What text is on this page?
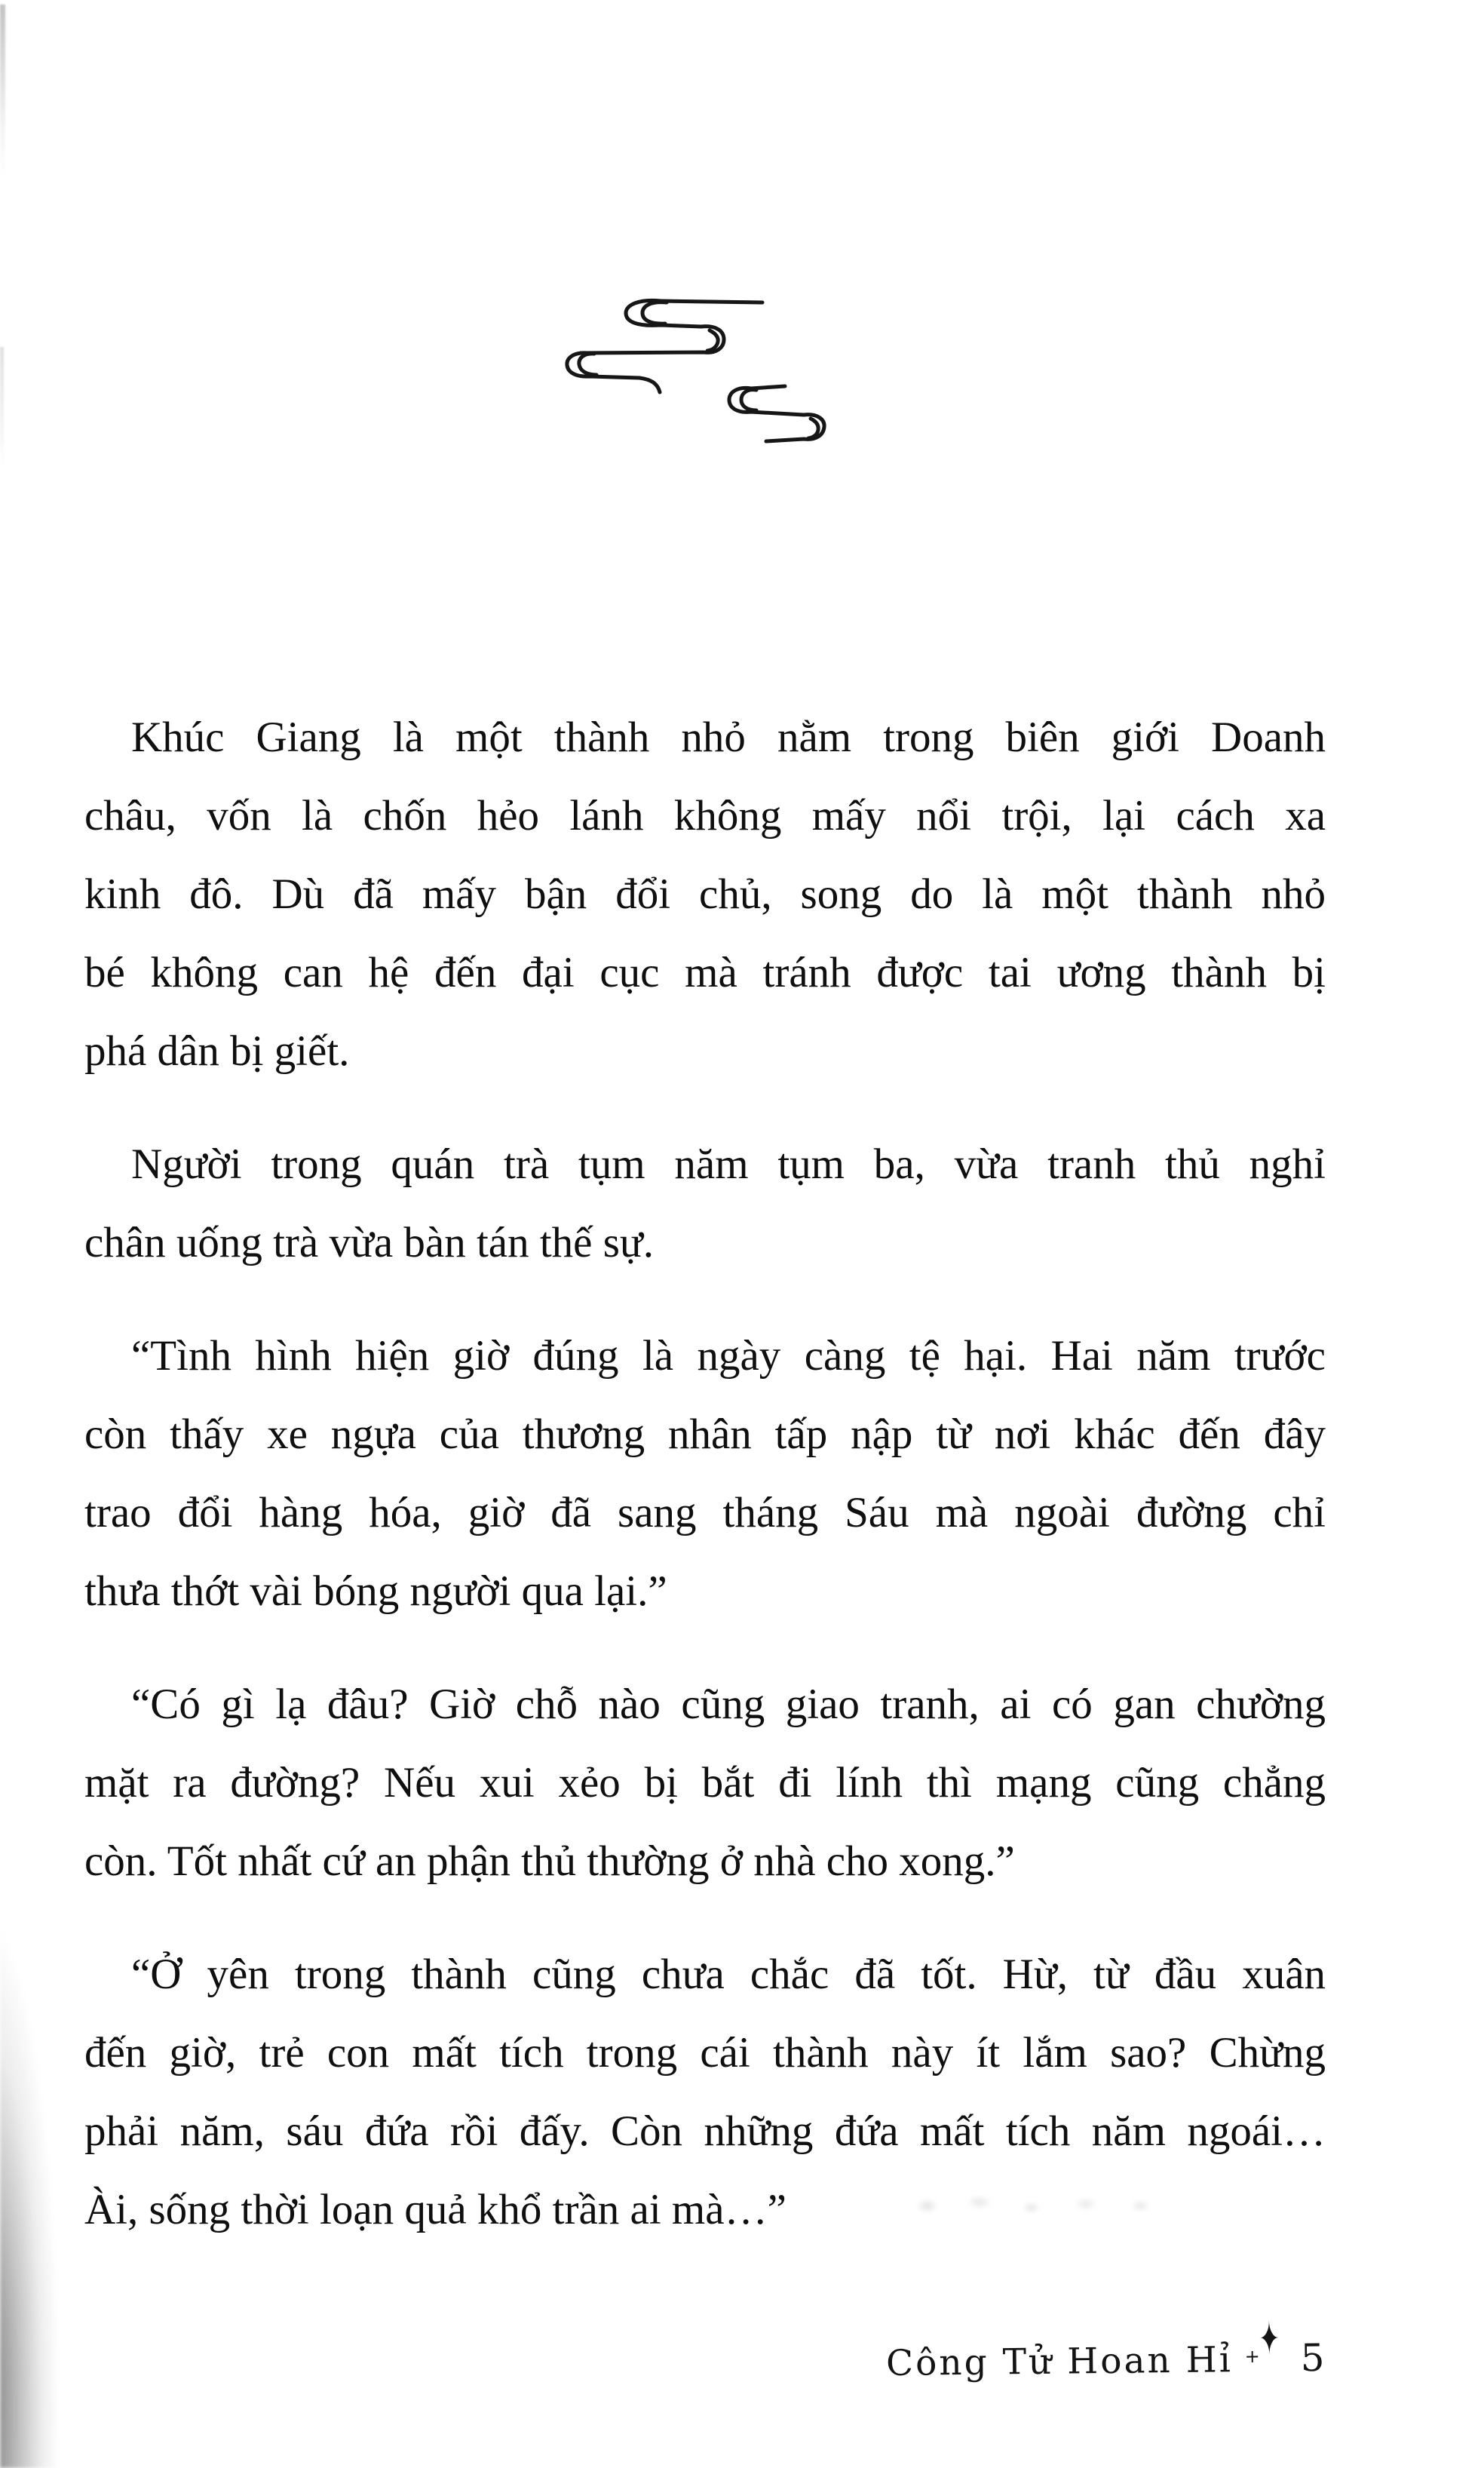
Khúc Giang là một thành nhỏ nằm trong biên giới Doanh
châu, vốn là chốn hẻo lánh không mấy nổi trội, lại cách xa
kinh đô. Dù đã mấy bận đổi chủ, song do là một thành nhỏ
bé không can hệ đến đại cục mà tránh được tai ương thành bị
phá dân bị giết.
Người trong quán trà tụm năm tụm ba, vừa tranh thủ nghỉ
chân uống trà vừa bàn tán thế sự.
“Tình hình hiện giờ đúng là ngày càng tệ hại. Hai năm trước
còn thấy xe ngựa của thương nhân tấp nập từ nơi khác đến đây
trao đổi hàng hóa, giờ đã sang tháng Sáu mà ngoài đường chỉ
thưa thớt vài bóng người qua lại.”
“Có gì lạ đâu? Giờ chỗ nào cũng giao tranh, ai có gan chường
mặt ra đường? Nếu xui xẻo bị bắt đi lính thì mạng cũng chẳng
còn. Tốt nhất cứ an phận thủ thường ở nhà cho xong.”
“Ở yên trong thành cũng chưa chắc đã tốt. Hừ, từ đầu xuân
đến giờ, trẻ con mất tích trong cái thành này ít lắm sao? Chừng
phải năm, sáu đứa rồi đấy. Còn những đứa mất tích năm ngoái…
Ài, sống thời loạn quả khổ trần ai mà…”
Công Tử Hoan Hỉ +
✦ 5
